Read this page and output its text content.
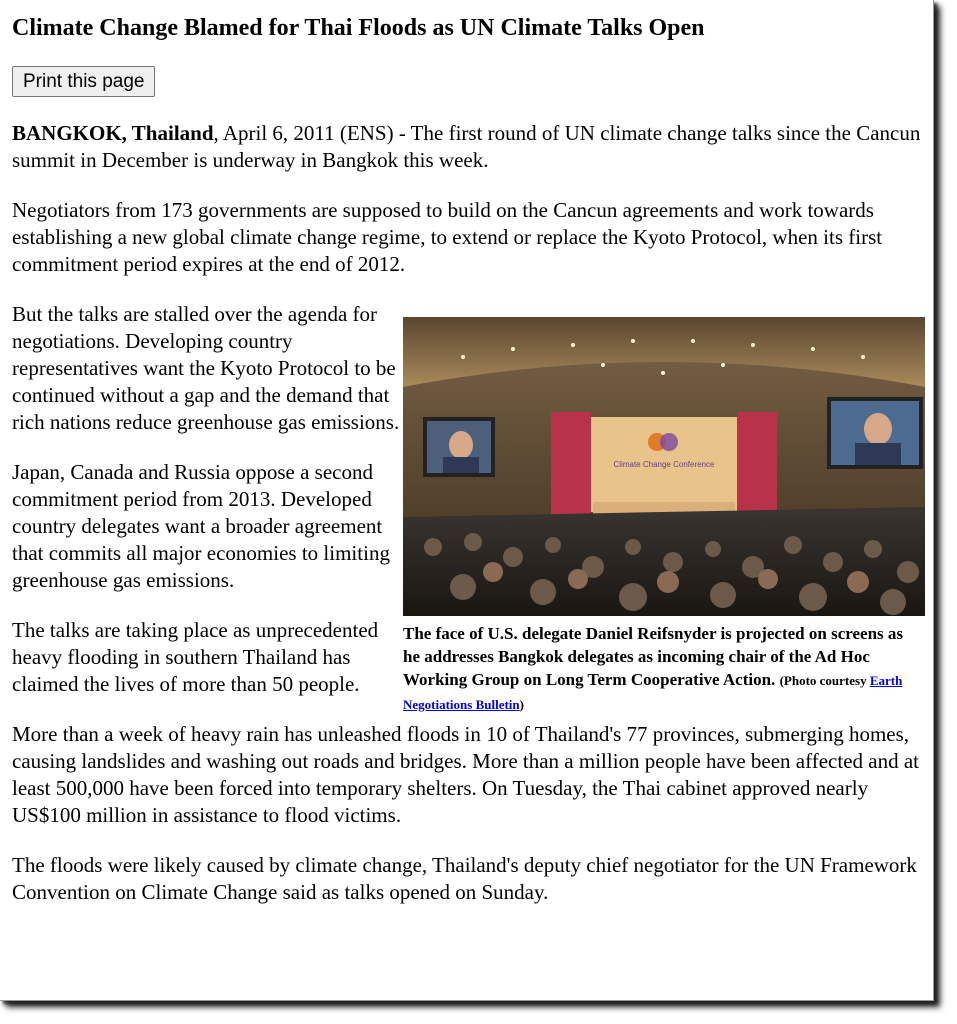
Climate Change Blamed for Thai Floods as UN Climate Talks Open
Print this page

BANGKOK, Thailand, April 6, 2011 (ENS) - The first round of UN climate change talks since the Cancun summit in December is underway in Bangkok this week.

Negotiators from 173 governments are supposed to build on the Cancun agreements and work towards establishing a new global climate change regime, to extend or replace the Kyoto Protocol, when its first commitment period expires at the end of 2012.

But the talks are stalled over the agenda for negotiations. Developing country representatives want the Kyoto Protocol to be continued without a gap and the demand that rich nations reduce greenhouse gas emissions.

Japan, Canada and Russia oppose a second commitment period from 2013. Developed country delegates want a broader agreement that commits all major economies to limiting greenhouse gas emissions.

The talks are taking place as unprecedented heavy flooding in southern Thailand has claimed the lives of more than 50 people.

More than a week of heavy rain has unleashed floods in 10 of Thailand's 77 provinces, submerging homes, causing landslides and washing out roads and bridges. More than a million people have been affected and at least 500,000 have been forced into temporary shelters. On Tuesday, the Thai cabinet approved nearly US$100 million in assistance to flood victims.

The floods were likely caused by climate change, Thailand's deputy chief negotiator for the UN Framework Convention on Climate Change said as talks opened on Sunday.

Climate Change Conference
The face of U.S. delegate Daniel Reifsnyder is projected on screens as he addresses Bangkok delegates as incoming chair of the Ad Hoc Working Group on Long Term Cooperative Action. (Photo courtesy Earth Negotiations Bulletin)
